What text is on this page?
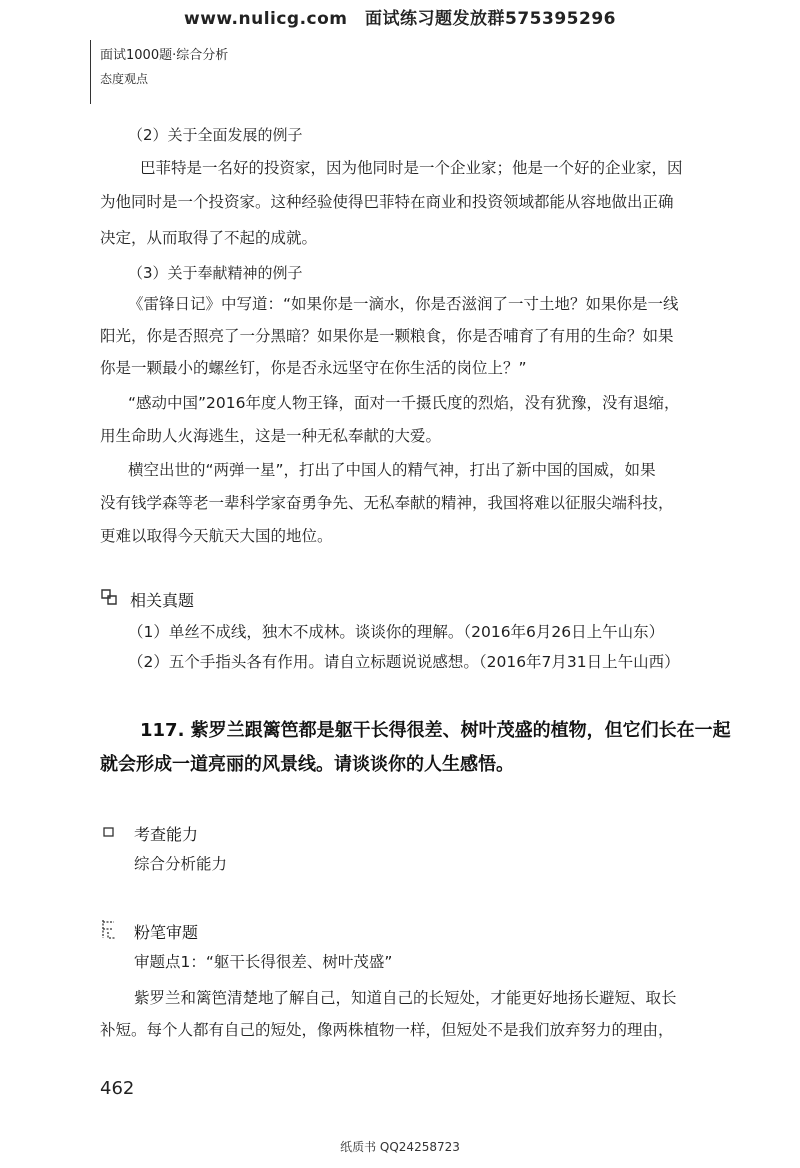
www.nulicg.com　面试练习题发放群575395296
面试1000题·综合分析
态度观点
（2）关于全面发展的例子
巴菲特是一名好的投资家，因为他同时是一个企业家；他是一个好的企业家，因
为他同时是一个投资家。这种经验使得巴菲特在商业和投资领域都能从容地做出正确
决定，从而取得了不起的成就。
（3）关于奉献精神的例子
《雷锋日记》中写道：“如果你是一滴水，你是否滋润了一寸土地？如果你是一线
阳光，你是否照亮了一分黑暗？如果你是一颗粮食，你是否哺育了有用的生命？如果
你是一颗最小的螺丝钉，你是否永远坚守在你生活的岗位上？”
“感动中国”2016年度人物王锋，面对一千摄氏度的烈焰，没有犹豫，没有退缩，
用生命助人火海逃生，这是一种无私奉献的大爱。
横空出世的“两弹一星”，打出了中国人的精气神，打出了新中国的国威，如果
没有钱学森等老一辈科学家奋勇争先、无私奉献的精神，我国将难以征服尖端科技，
更难以取得今天航天大国的地位。
相关真题
（1）单丝不成线，独木不成林。谈谈你的理解。（2016年6月26日上午山东）
（2）五个手指头各有作用。请自立标题说说感想。（2016年7月31日上午山西）
117. 紫罗兰跟篱笆都是躯干长得很差、树叶茂盛的植物，但它们长在一起
就会形成一道亮丽的风景线。请谈谈你的人生感悟。
考查能力
综合分析能力
粉笔审题
审题点1：“躯干长得很差、树叶茂盛”
紫罗兰和篱笆清楚地了解自己，知道自己的长短处，才能更好地扬长避短、取长
补短。每个人都有自己的短处，像两株植物一样，但短处不是我们放弃努力的理由，
462
纸质书 QQ24258723
